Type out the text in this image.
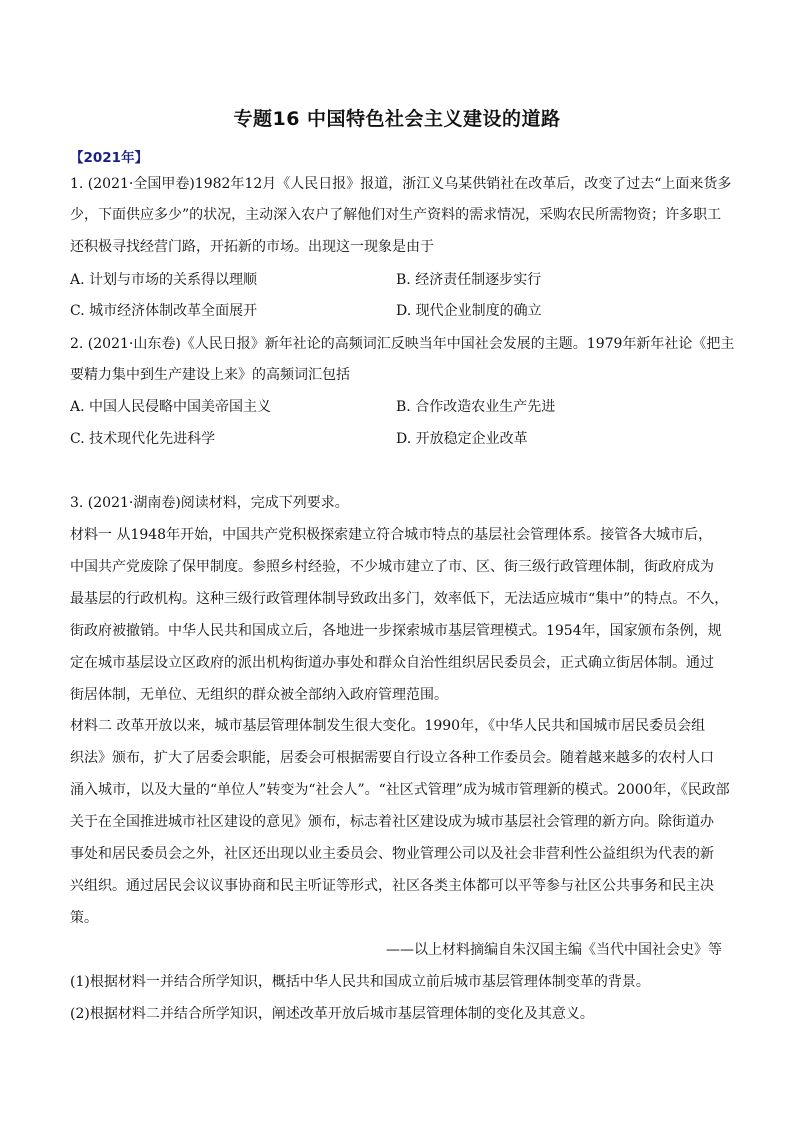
专题16 中国特色社会主义建设的道路
【2021年】
1. (2021·全国甲卷)1982年12月《人民日报》报道，浙江义乌某供销社在改革后，改变了过去“上面来货多
少，下面供应多少”的状况，主动深入农户了解他们对生产资料的需求情况，采购农民所需物资；许多职工
还积极寻找经营门路，开拓新的市场。出现这一现象是由于
A. 计划与市场的关系得以理顺	B. 经济责任制逐步实行
C. 城市经济体制改革全面展开	D. 现代企业制度的确立
2. (2021·山东卷)《人民日报》新年社论的高频词汇反映当年中国社会发展的主题。1979年新年社论《把主
要精力集中到生产建设上来》的高频词汇包括
A. 中国人民侵略中国美帝国主义	B. 合作改造农业生产先进
C. 技术现代化先进科学	D. 开放稳定企业改革
3. (2021·湖南卷)阅读材料，完成下列要求。
材料一 从1948年开始，中国共产党积极探索建立符合城市特点的基层社会管理体系。接管各大城市后，
中国共产党废除了保甲制度。参照乡村经验，不少城市建立了市、区、街三级行政管理体制，街政府成为
最基层的行政机构。这种三级行政管理体制导致政出多门，效率低下，无法适应城市“集中”的特点。不久，
街政府被撤销。中华人民共和国成立后，各地进一步探索城市基层管理模式。1954年，国家颁布条例，规
定在城市基层设立区政府的派出机构街道办事处和群众自治性组织居民委员会，正式确立街居体制。通过
街居体制，无单位、无组织的群众被全部纳入政府管理范围。
材料二 改革开放以来，城市基层管理体制发生很大变化。1990年，《中华人民共和国城市居民委员会组
织法》颁布，扩大了居委会职能，居委会可根据需要自行设立各种工作委员会。随着越来越多的农村人口
涌入城市，以及大量的“单位人”转变为“社会人”。“社区式管理”成为城市管理新的模式。2000年，《民政部
关于在全国推进城市社区建设的意见》颁布，标志着社区建设成为城市基层社会管理的新方向。除街道办
事处和居民委员会之外，社区还出现以业主委员会、物业管理公司以及社会非营利性公益组织为代表的新
兴组织。通过居民会议议事协商和民主听证等形式，社区各类主体都可以平等参与社区公共事务和民主决
策。
——以上材料摘编自朱汉国主编《当代中国社会史》等
(1)根据材料一并结合所学知识，概括中华人民共和国成立前后城市基层管理体制变革的背景。
(2)根据材料二并结合所学知识，阐述改革开放后城市基层管理体制的变化及其意义。
